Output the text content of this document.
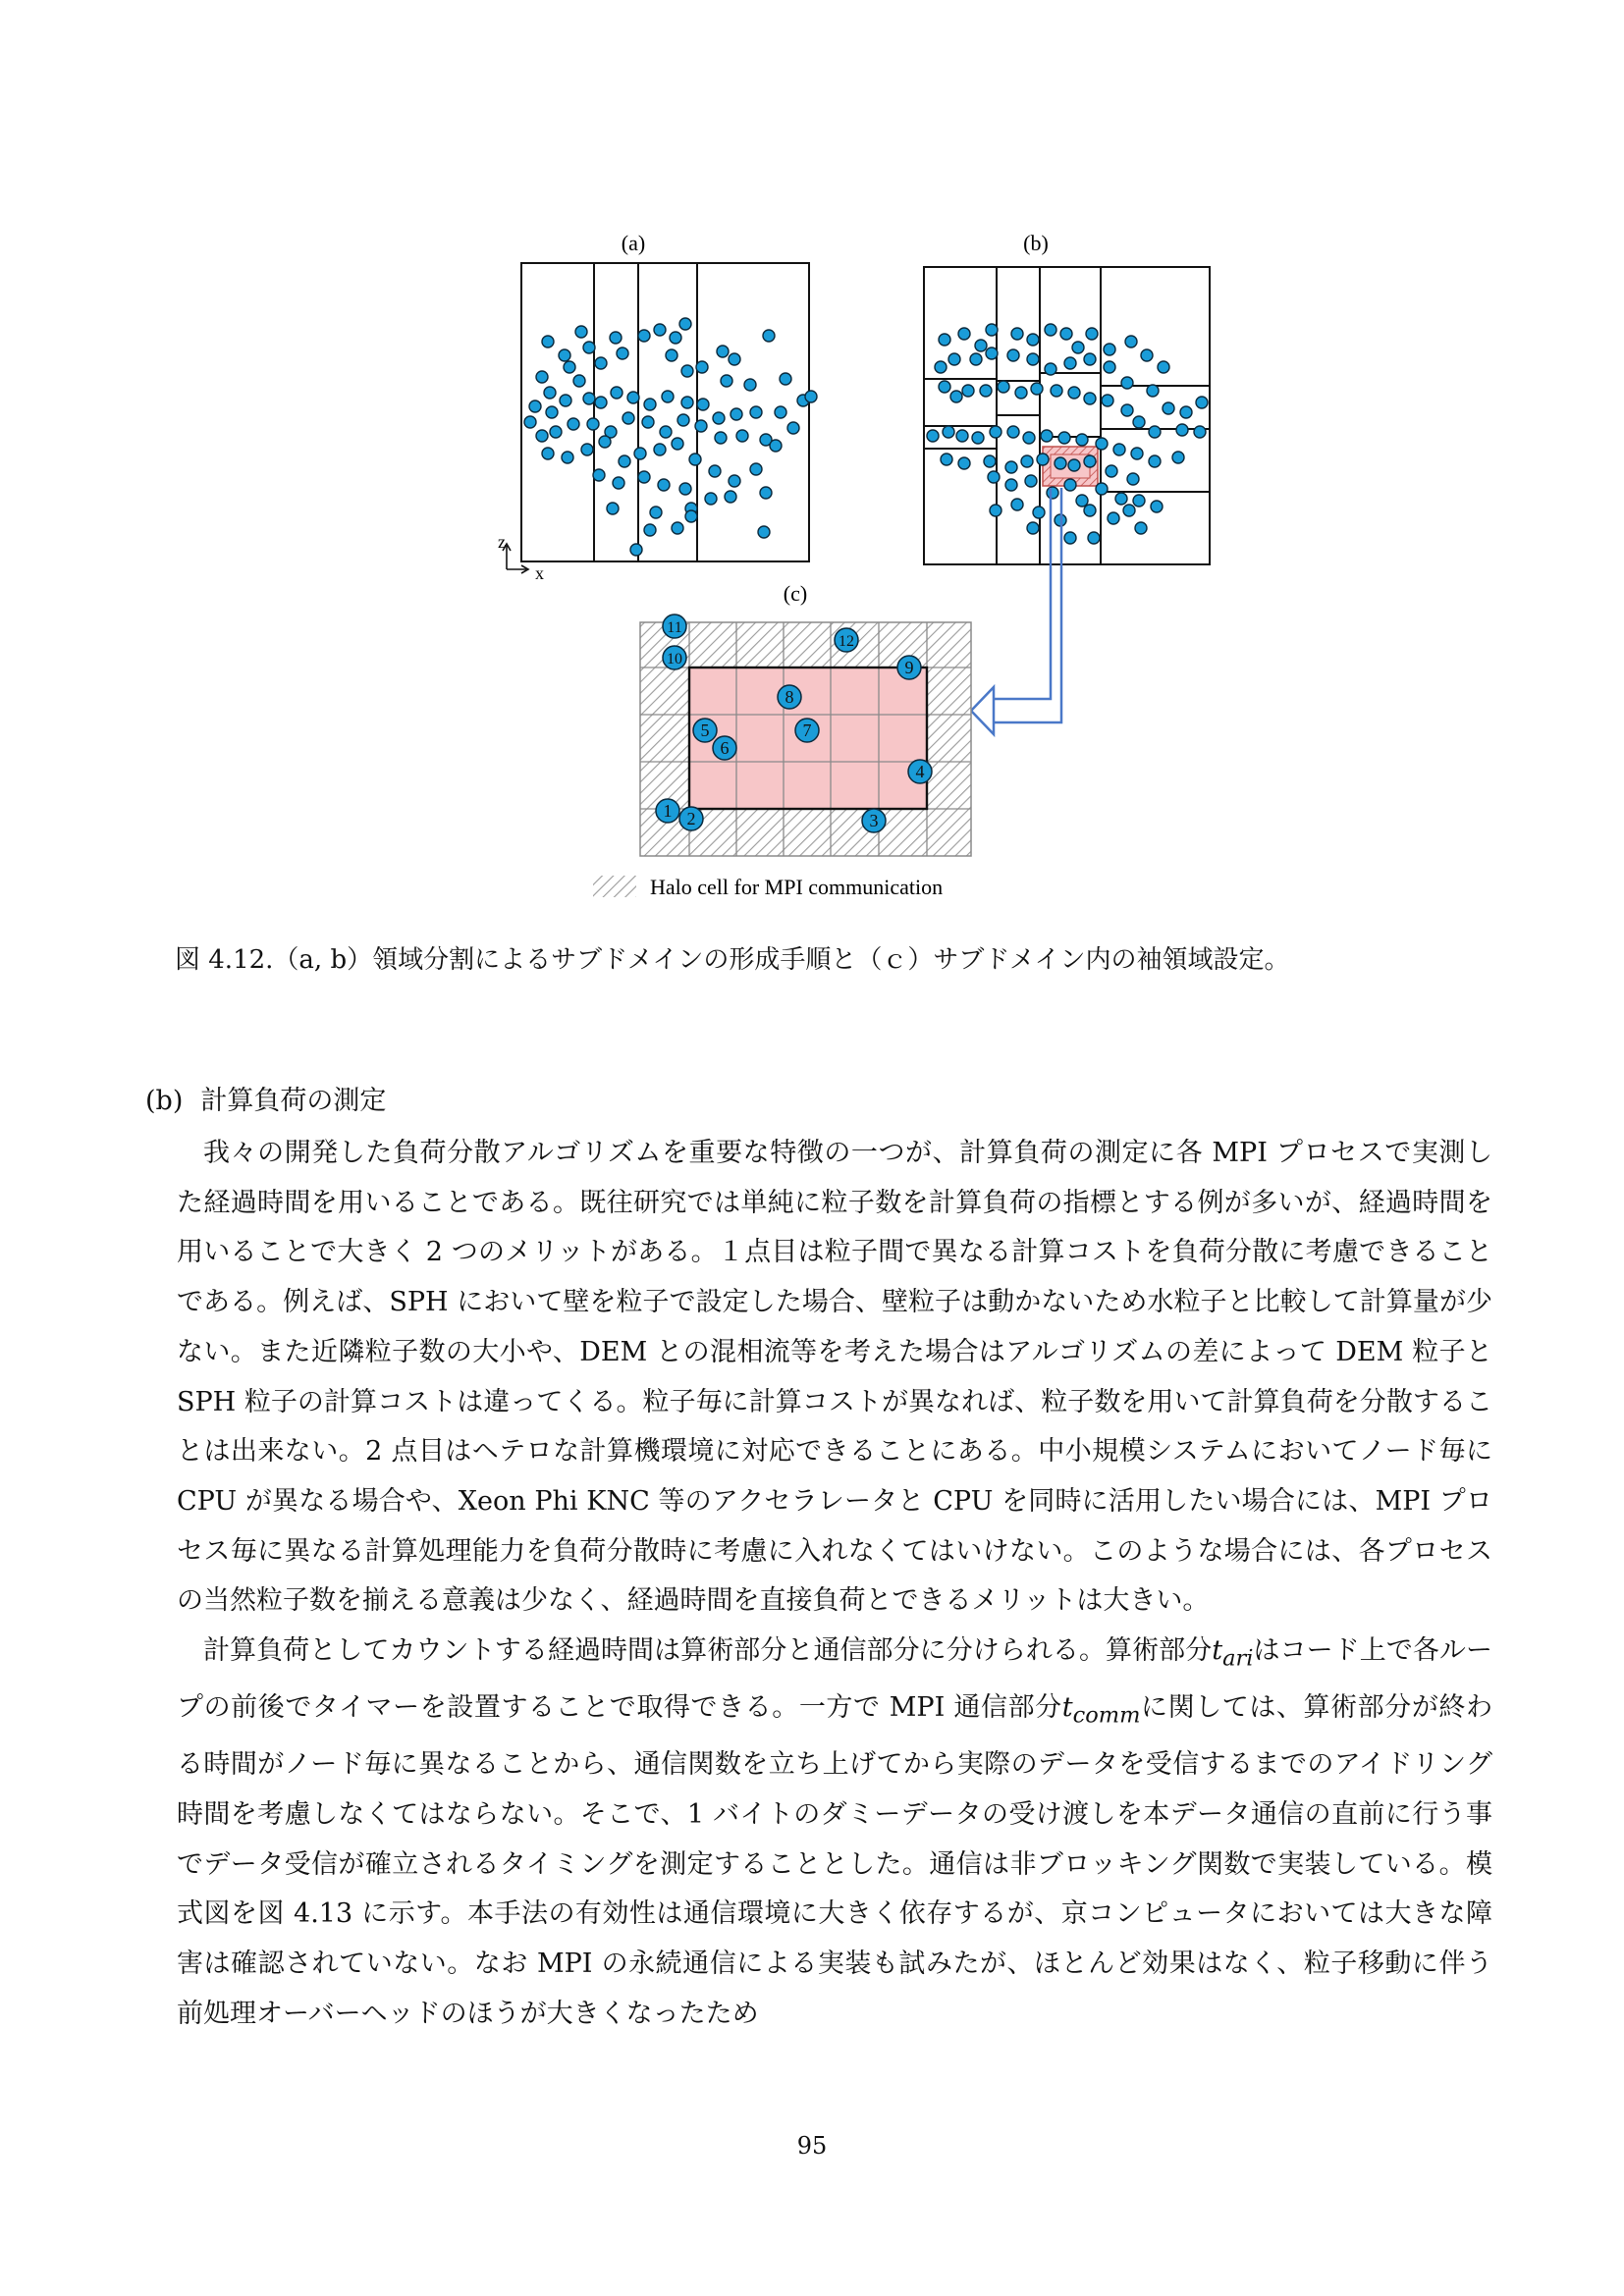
(a)	(b)
(c)
z
x
1 2	3
4
5
6
7
8
9
10
11
12
Halo cell for MPI communication
図 4.12.（a, b）領域分割によるサブドメインの形成手順と（ｃ）サブドメイン内の袖領域設定。
(b) 計算負荷の測定

我々の開発した負荷分散アルゴリズムを重要な特徴の一つが、計算負荷の測定に各 MPI プロセスで実測した経過時間を用いることである。既往研究では単純に粒子数を計算負荷の指標とする例が多いが、経過時間を用いることで大きく 2 つのメリットがある。１点目は粒子間で異なる計算コストを負荷分散に考慮できることである。例えば、SPH において壁を粒子で設定した場合、壁粒子は動かないため水粒子と比較して計算量が少ない。また近隣粒子数の大小や、DEM との混相流等を考えた場合はアルゴリズムの差によって DEM 粒子と SPH 粒子の計算コストは違ってくる。粒子毎に計算コストが異なれば、粒子数を用いて計算負荷を分散することは出来ない。2 点目はヘテロな計算機環境に対応できることにある。中小規模システムにおいてノード毎に CPU が異なる場合や、Xeon Phi KNC 等のアクセラレータと CPU を同時に活用したい場合には、MPI プロセス毎に異なる計算処理能力を負荷分散時に考慮に入れなくてはいけない。このような場合には、各プロセスの当然粒子数を揃える意義は少なく、経過時間を直接負荷とできるメリットは大きい。

計算負荷としてカウントする経過時間は算術部分と通信部分に分けられる。算術部分$t_{ari}$はコード上で各ループの前後でタイマーを設置することで取得できる。一方で MPI 通信部分$t_{comm}$に関しては、算術部分が終わる時間がノード毎に異なることから、通信関数を立ち上げてから実際のデータを受信するまでのアイドリング時間を考慮しなくてはならない。そこで、1 バイトのダミーデータの受け渡しを本データ通信の直前に行う事でデータ受信が確立されるタイミングを測定することとした。通信は非ブロッキング関数で実装している。模式図を図 4.13 に示す。本手法の有効性は通信環境に大きく依存するが、京コンピュータにおいては大きな障害は確認されていない。なお MPI の永続通信による実装も試みたが、ほとんど効果はなく、粒子移動に伴う前処理オーバーヘッドのほうが大きくなったため

95
